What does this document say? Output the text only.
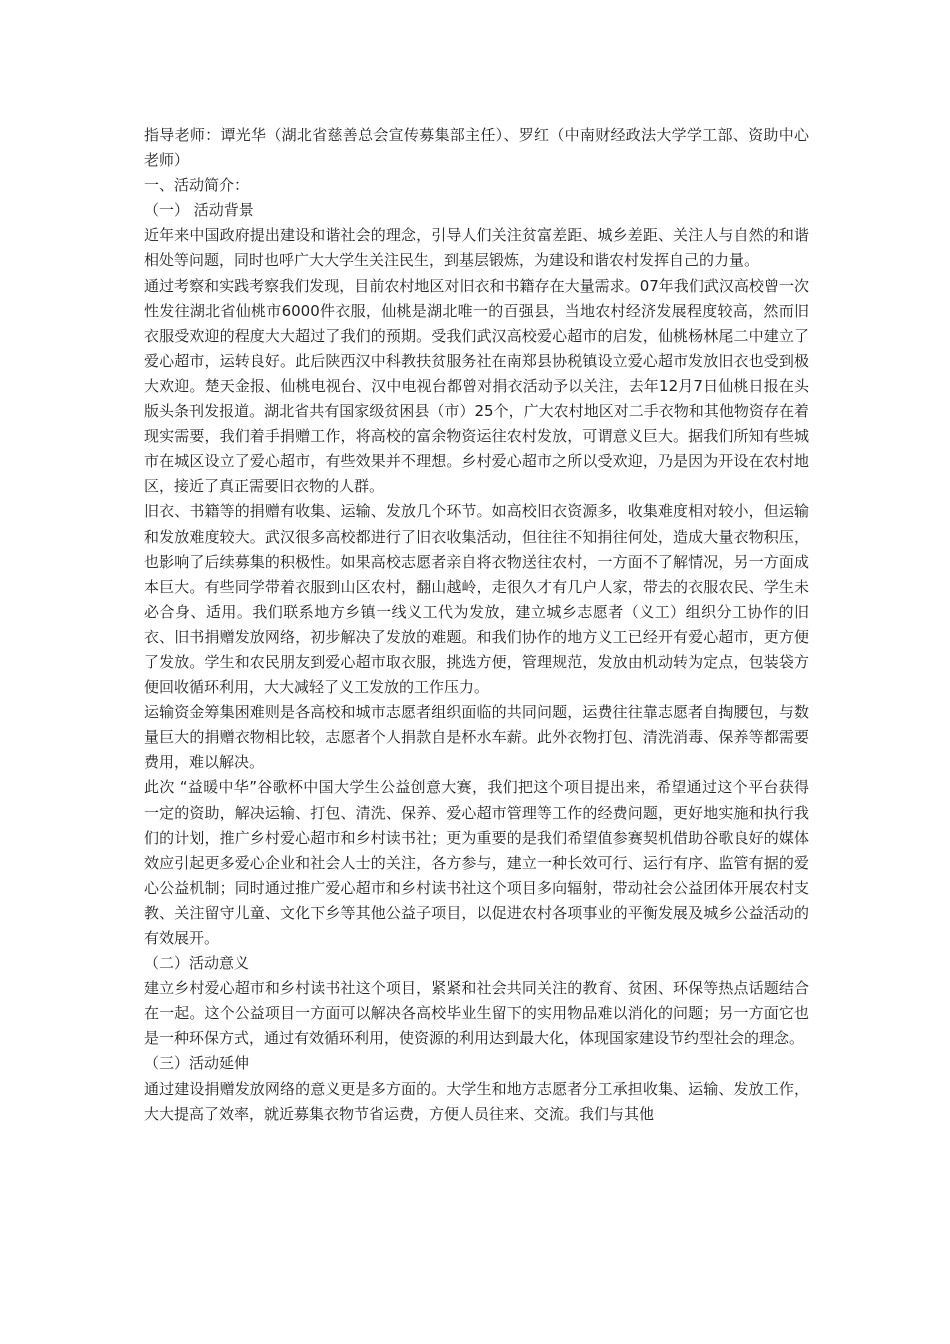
指导老师：谭光华（湖北省慈善总会宣传募集部主任）、罗红（中南财经政法大学学工部、资助中心老师）

一、活动简介：

（一） 活动背景

近年来中国政府提出建设和谐社会的理念，引导人们关注贫富差距、城乡差距、关注人与自然的和谐相处等问题，同时也呼广大大学生关注民生，到基层锻炼，为建设和谐农村发挥自己的力量。

通过考察和实践考察我们发现，目前农村地区对旧衣和书籍存在大量需求。07年我们武汉高校曾一次性发往湖北省仙桃市6000件衣服，仙桃是湖北唯一的百强县，当地农村经济发展程度较高，然而旧衣服受欢迎的程度大大超过了我们的预期。受我们武汉高校爱心超市的启发，仙桃杨林尾二中建立了爱心超市，运转良好。此后陕西汉中科教扶贫服务社在南郑县协税镇设立爱心超市发放旧衣也受到极大欢迎。楚天金报、仙桃电视台、汉中电视台都曾对捐衣活动予以关注，去年12月7日仙桃日报在头版头条刊发报道。湖北省共有国家级贫困县（市）25个，广大农村地区对二手衣物和其他物资存在着现实需要，我们着手捐赠工作，将高校的富余物资运往农村发放，可谓意义巨大。据我们所知有些城市在城区设立了爱心超市，有些效果并不理想。乡村爱心超市之所以受欢迎，乃是因为开设在农村地区，接近了真正需要旧衣物的人群。

旧衣、书籍等的捐赠有收集、运输、发放几个环节。如高校旧衣资源多，收集难度相对较小，但运输和发放难度较大。武汉很多高校都进行了旧衣收集活动，但往往不知捐往何处，造成大量衣物积压，也影响了后续募集的积极性。如果高校志愿者亲自将衣物送往农村，一方面不了解情况，另一方面成本巨大。有些同学带着衣服到山区农村，翻山越岭，走很久才有几户人家，带去的衣服农民、学生未必合身、适用。我们联系地方乡镇一线义工代为发放，建立城乡志愿者（义工）组织分工协作的旧衣、旧书捐赠发放网络，初步解决了发放的难题。和我们协作的地方义工已经开有爱心超市，更方便了发放。学生和农民朋友到爱心超市取衣服，挑选方便，管理规范，发放由机动转为定点，包装袋方便回收循环利用，大大减轻了义工发放的工作压力。

运输资金筹集困难则是各高校和城市志愿者组织面临的共同问题，运费往往靠志愿者自掏腰包，与数量巨大的捐赠衣物相比较，志愿者个人捐款自是杯水车薪。此外衣物打包、清洗消毒、保养等都需要费用，难以解决。

此次 “益暖中华”谷歌杯中国大学生公益创意大赛，我们把这个项目提出来，希望通过这个平台获得一定的资助，解决运输、打包、清洗、保养、爱心超市管理等工作的经费问题，更好地实施和执行我们的计划，推广乡村爱心超市和乡村读书社；更为重要的是我们希望值参赛契机借助谷歌良好的媒体效应引起更多爱心企业和社会人士的关注，各方参与，建立一种长效可行、运行有序、监管有据的爱心公益机制；同时通过推广爱心超市和乡村读书社这个项目多向辐射，带动社会公益团体开展农村支教、关注留守儿童、文化下乡等其他公益子项目，以促进农村各项事业的平衡发展及城乡公益活动的有效展开。

（二）活动意义

建立乡村爱心超市和乡村读书社这个项目，紧紧和社会共同关注的教育、贫困、环保等热点话题结合在一起。这个公益项目一方面可以解决各高校毕业生留下的实用物品难以消化的问题；另一方面它也是一种环保方式，通过有效循环利用，使资源的利用达到最大化，体现国家建设节约型社会的理念。

（三）活动延伸

通过建设捐赠发放网络的意义更是多方面的。大学生和地方志愿者分工承担收集、运输、发放工作，大大提高了效率，就近募集衣物节省运费，方便人员往来、交流。我们与其他
